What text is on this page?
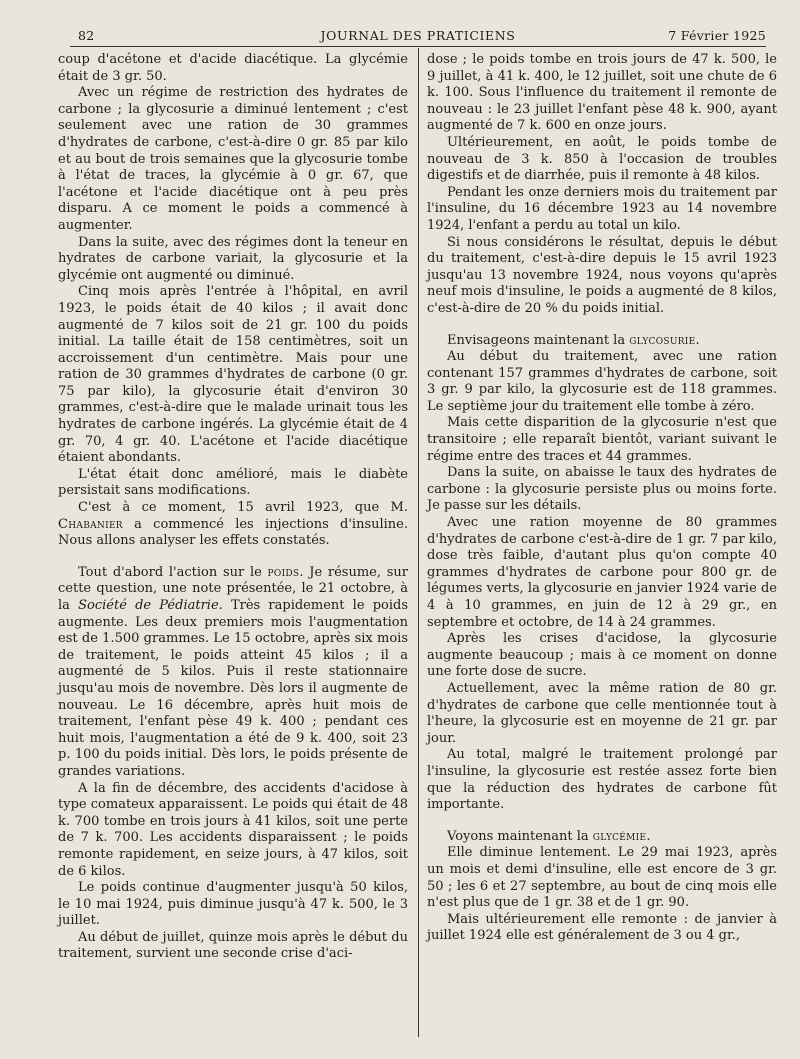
82	JOURNAL DES PRATICIENS	7 Février 1925

coup d'acétone et d'acide diacétique. La glycémie était de 3 gr. 50.

Avec un régime de restriction des hydrates de carbone ; la glycosurie a diminué lentement ; c'est seulement avec une ration de 30 grammes d'hydrates de carbone, c'est-à-dire 0 gr. 85 par kilo et au bout de trois semaines que la glycosurie tombe à l'état de traces, la glycémie à 0 gr. 67, que l'acétone et l'acide diacétique ont à peu près disparu. A ce moment le poids a commencé à augmenter.

Dans la suite, avec des régimes dont la teneur en hydrates de carbone variait, la glycosurie et la glycémie ont augmenté ou diminué.

Cinq mois après l'entrée à l'hôpital, en avril 1923, le poids était de 40 kilos ; il avait donc augmenté de 7 kilos soit de 21 gr. 100 du poids initial. La taille était de 158 centimètres, soit un accroissement d'un centimètre. Mais pour une ration de 30 grammes d'hydrates de carbone (0 gr. 75 par kilo), la glycosurie était d'environ 30 grammes, c'est-à-dire que le malade urinait tous les hydrates de carbone ingérés. La glycémie était de 4 gr. 70, 4 gr. 40. L'acétone et l'acide diacétique étaient abondants.

L'état était donc amélioré, mais le diabète persistait sans modifications.

C'est à ce moment, 15 avril 1923, que M. Chabanier a commencé les injections d'insuline. Nous allons analyser les effets constatés.

Tout d'abord l'action sur le poids. Je résume, sur cette question, une note présentée, le 21 octobre, à la Société de Pédiatrie. Très rapidement le poids augmente. Les deux premiers mois l'augmentation est de 1.500 grammes. Le 15 octobre, après six mois de traitement, le poids atteint 45 kilos ; il a augmenté de 5 kilos. Puis il reste stationnaire jusqu'au mois de novembre. Dès lors il augmente de nouveau. Le 16 décembre, après huit mois de traitement, l'enfant pèse 49 k. 400 ; pendant ces huit mois, l'augmentation a été de 9 k. 400, soit 23 p. 100 du poids initial. Dès lors, le poids présente de grandes variations.

A la fin de décembre, des accidents d'acidose à type comateux apparaissent. Le poids qui était de 48 k. 700 tombe en trois jours à 41 kilos, soit une perte de 7 k. 700. Les accidents disparaissent ; le poids remonte rapidement, en seize jours, à 47 kilos, soit de 6 kilos.

Le poids continue d'augmenter jusqu'à 50 kilos, le 10 mai 1924, puis diminue jusqu'à 47 k. 500, le 3 juillet.

Au début de juillet, quinze mois après le début du traitement, survient une seconde crise d'aci-

dose ; le poids tombe en trois jours de 47 k. 500, le 9 juillet, à 41 k. 400, le 12 juillet, soit une chute de 6 k. 100. Sous l'influence du traitement il remonte de nouveau : le 23 juillet l'enfant pèse 48 k. 900, ayant augmenté de 7 k. 600 en onze jours.

Ultérieurement, en août, le poids tombe de nouveau de 3 k. 850 à l'occasion de troubles digestifs et de diarrhée, puis il remonte à 48 kilos.

Pendant les onze derniers mois du traitement par l'insuline, du 16 décembre 1923 au 14 novembre 1924, l'enfant a perdu au total un kilo.

Si nous considérons le résultat, depuis le début du traitement, c'est-à-dire depuis le 15 avril 1923 jusqu'au 13 novembre 1924, nous voyons qu'après neuf mois d'insuline, le poids a augmenté de 8 kilos, c'est-à-dire de 20 % du poids initial.

Envisageons maintenant la glycosurie.

Au début du traitement, avec une ration contenant 157 grammes d'hydrates de carbone, soit 3 gr. 9 par kilo, la glycosurie est de 118 grammes. Le septième jour du traitement elle tombe à zéro.

Mais cette disparition de la glycosurie n'est que transitoire ; elle reparaît bientôt, variant suivant le régime entre des traces et 44 grammes.

Dans la suite, on abaisse le taux des hydrates de carbone : la glycosurie persiste plus ou moins forte. Je passe sur les détails.

Avec une ration moyenne de 80 grammes d'hydrates de carbone c'est-à-dire de 1 gr. 7 par kilo, dose très faible, d'autant plus qu'on compte 40 grammes d'hydrates de carbone pour 800 gr. de légumes verts, la glycosurie en janvier 1924 varie de 4 à 10 grammes, en juin de 12 à 29 gr., en septembre et octobre, de 14 à 24 grammes.

Après les crises d'acidose, la glycosurie augmente beaucoup ; mais à ce moment on donne une forte dose de sucre.

Actuellement, avec la même ration de 80 gr. d'hydrates de carbone que celle mentionnée tout à l'heure, la glycosurie est en moyenne de 21 gr. par jour.

Au total, malgré le traitement prolongé par l'insuline, la glycosurie est restée assez forte bien que la réduction des hydrates de carbone fût importante.

Voyons maintenant la glycémie.

Elle diminue lentement. Le 29 mai 1923, après un mois et demi d'insuline, elle est encore de 3 gr. 50 ; les 6 et 27 septembre, au bout de cinq mois elle n'est plus que de 1 gr. 38 et de 1 gr. 90.

Mais ultérieurement elle remonte : de janvier à juillet 1924 elle est généralement de 3 ou 4 gr.,
